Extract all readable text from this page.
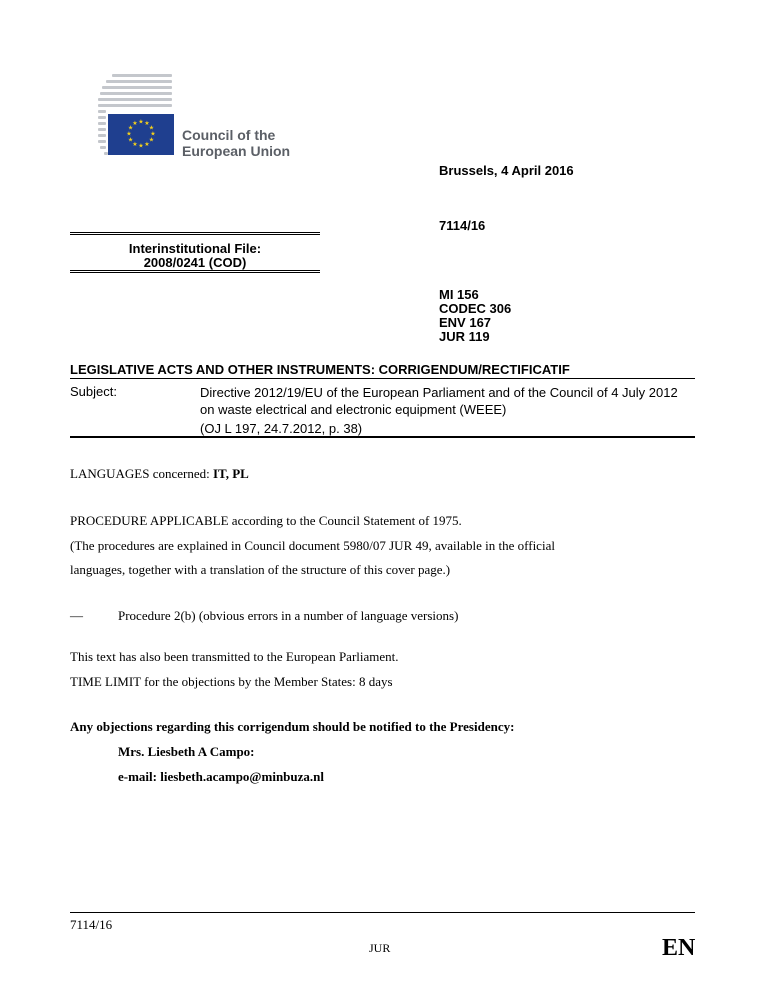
★ ★
★
★
★
★
★
★
★
★
★
★
Council of the
European Union
Brussels, 4 April 2016
7114/16
Interinstitutional File:
2008/0241 (COD)
MI 156
CODEC 306
ENV 167
JUR 119
LEGISLATIVE ACTS AND OTHER INSTRUMENTS: CORRIGENDUM/RECTIFICATIF
Subject:	Directive 2012/19/EU of the European Parliament and of the Council of 4 July 2012 on waste electrical and electronic equipment (WEEE)
(OJ L 197, 24.7.2012, p. 38)
LANGUAGES concerned: IT, PL
PROCEDURE APPLICABLE according to the Council Statement of 1975.
(The procedures are explained in Council document 5980/07 JUR 49, available in the official
languages, together with a translation of the structure of this cover page.)
—	Procedure 2(b) (obvious errors in a number of language versions)
This text has also been transmitted to the European Parliament.
TIME LIMIT for the objections by the Member States: 8 days
Any objections regarding this corrigendum should be notified to the Presidency:
Mrs. Liesbeth A Campo:
e-mail: liesbeth.acampo@minbuza.nl
7114/16
JUR	EN
